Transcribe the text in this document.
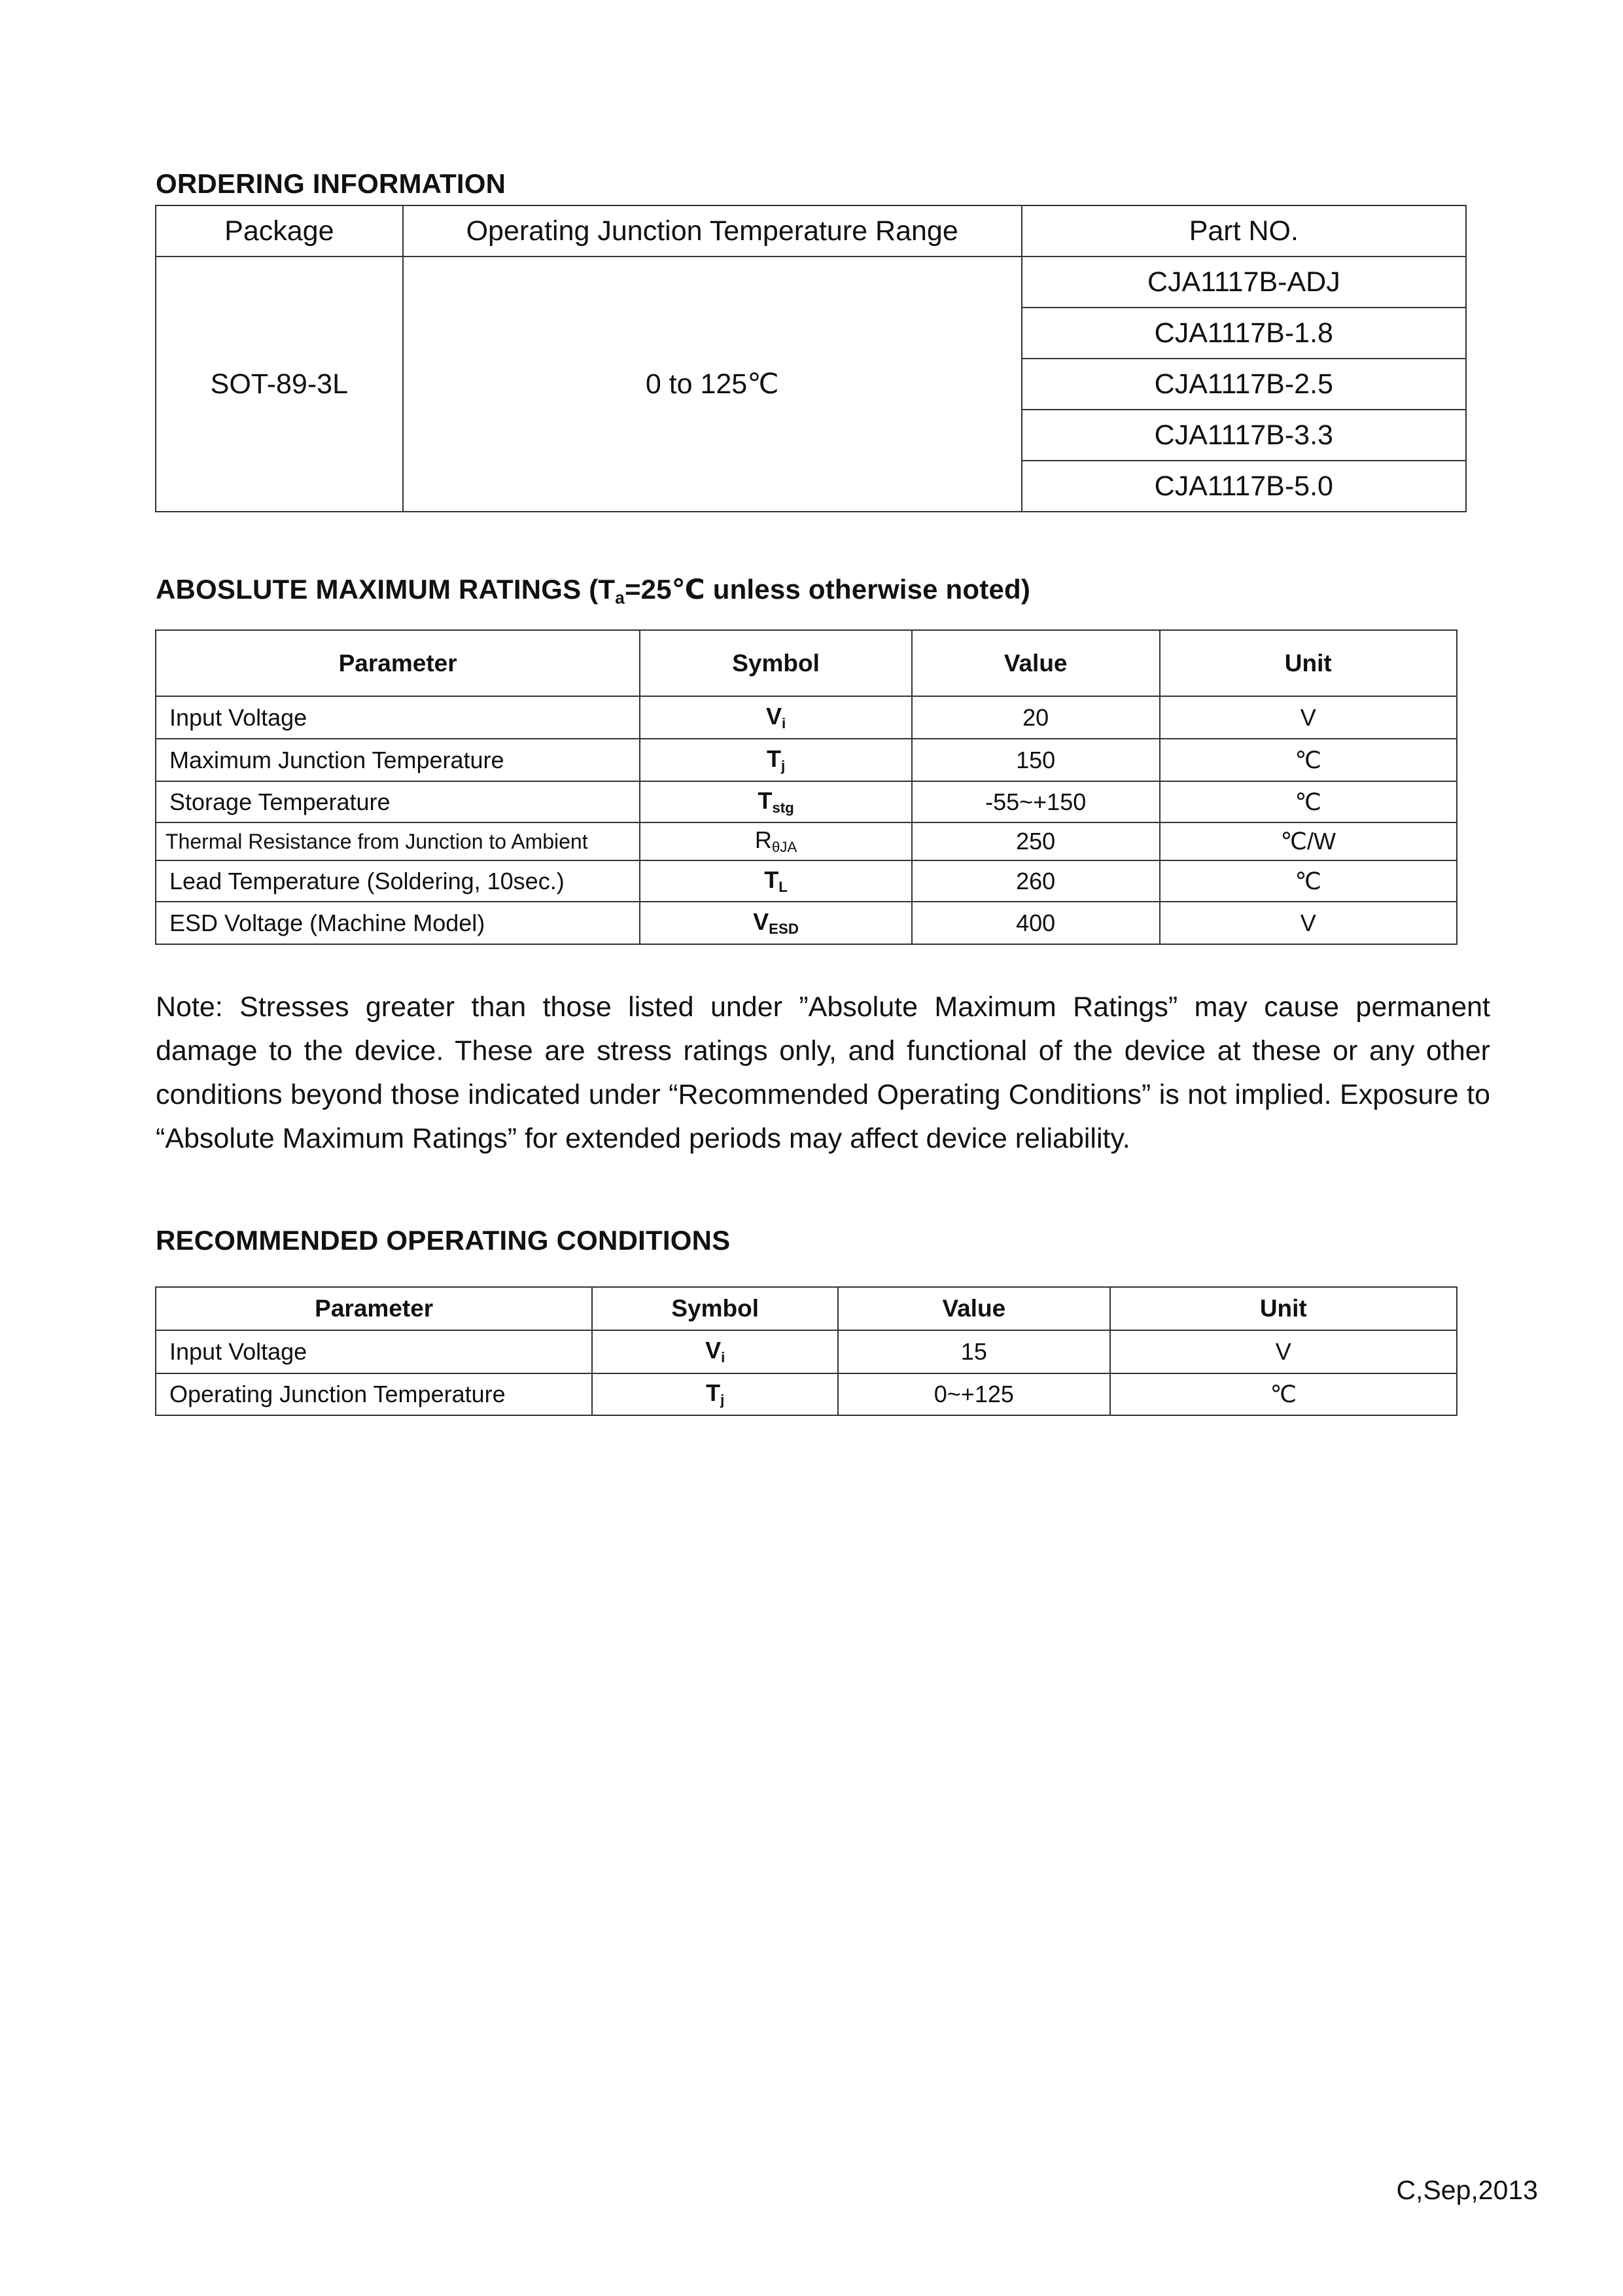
ORDERING INFORMATION
Package	Operating Junction Temperature Range	Part NO.
SOT-89-3L	0 to 125℃	CJA1117B-ADJ
		CJA1117B-1.8
		CJA1117B-2.5
		CJA1117B-3.3
		CJA1117B-5.0
ABOSLUTE MAXIMUM RATINGS ($T_a=25℃$ unless otherwise noted)
Parameter	Symbol	Value	Unit
Input Voltage	$V_i$	20	V
Maximum Junction Temperature	$T_j$	150	℃
Storage Temperature	$T_{stg}$	-55~+150	℃
Thermal Resistance from Junction to Ambient	$R_{\theta JA}$	250	℃/W
Lead Temperature (Soldering, 10sec.)	$T_L$	260	℃
ESD Voltage (Machine Model)	$V_{ESD}$	400	V

Note: Stresses greater than those listed under ”Absolute Maximum Ratings” may cause permanent damage to the device. These are stress ratings only, and functional of the device at these or any other conditions beyond those indicated under “Recommended Operating Conditions” is not implied. Exposure to “Absolute Maximum Ratings” for extended periods may affect device reliability.

RECOMMENDED OPERATING CONDITIONS
Parameter	Symbol	Value	Unit
Input Voltage	$V_i$	15	V
Operating Junction Temperature	$T_j$	0~+125	℃
C,Sep,2013
